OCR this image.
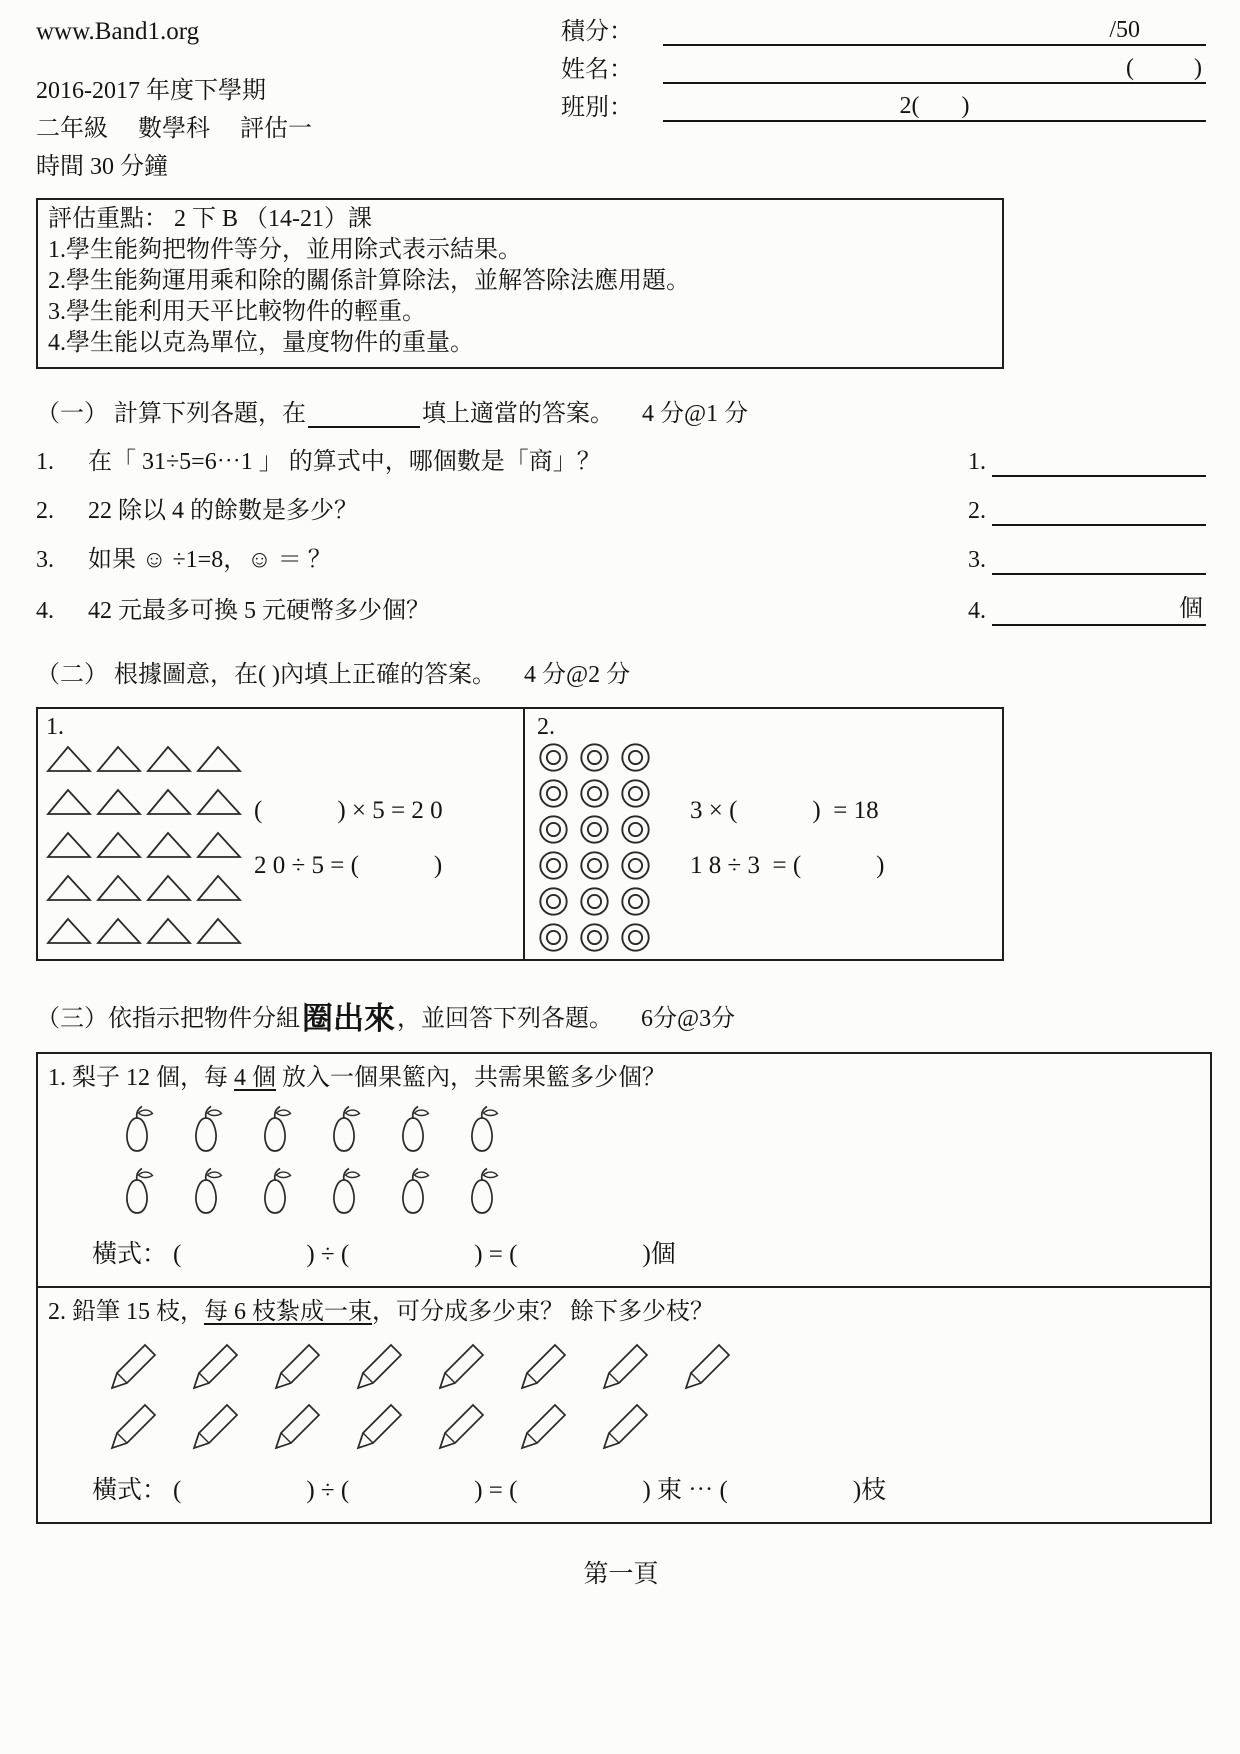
www.Band1.org
2016-2017 年度下學期
二年級　 數學科 　評估一
時間 30 分鐘
積分：	/50
姓名：	(          )
班別：	2(       )
評估重點： 2 下 B （14-21）課
1.學生能夠把物件等分，並用除式表示結果。
2.學生能夠運用乘和除的關係計算除法，並解答除法應用題。
3.學生能利用天平比較物件的輕重。
4.學生能以克為單位，量度物件的重量。
（一） 計算下列各題，在	填上適當的答案。 4 分@1 分
1.	在「 31÷5=6⋯1 」 的算式中，哪個數是「商」？	1.
2.	22 除以 4 的餘數是多少？	2.
3.	如果 ☺ ÷1=8，☺ ＝ ？	3.
4.	42 元最多可換 5 元硬幣多少個？	4.	個
（二） 根據圖意，在( )內填上正確的答案。 4 分@2 分
1.
(            ) × 5 = 2 0
2 0 ÷ 5 = (            )
2.
3 × (            )  = 18
1 8 ÷ 3  = (            )
（三）依指示把物件分組 圈出來 ，並回答下列各題。 6分@3分
1. 梨子 12 個，每 4 個 放入一個果籃內，共需果籃多少個？
橫式： (                    ) ÷ (                    ) = (                    )個
2. 鉛筆 15 枝，每 6 枝紮成一束，可分成多少束？ 餘下多少枝？
橫式： (                    ) ÷ (                    ) = (                    ) 束 ⋯ (                    )枝
第一頁
